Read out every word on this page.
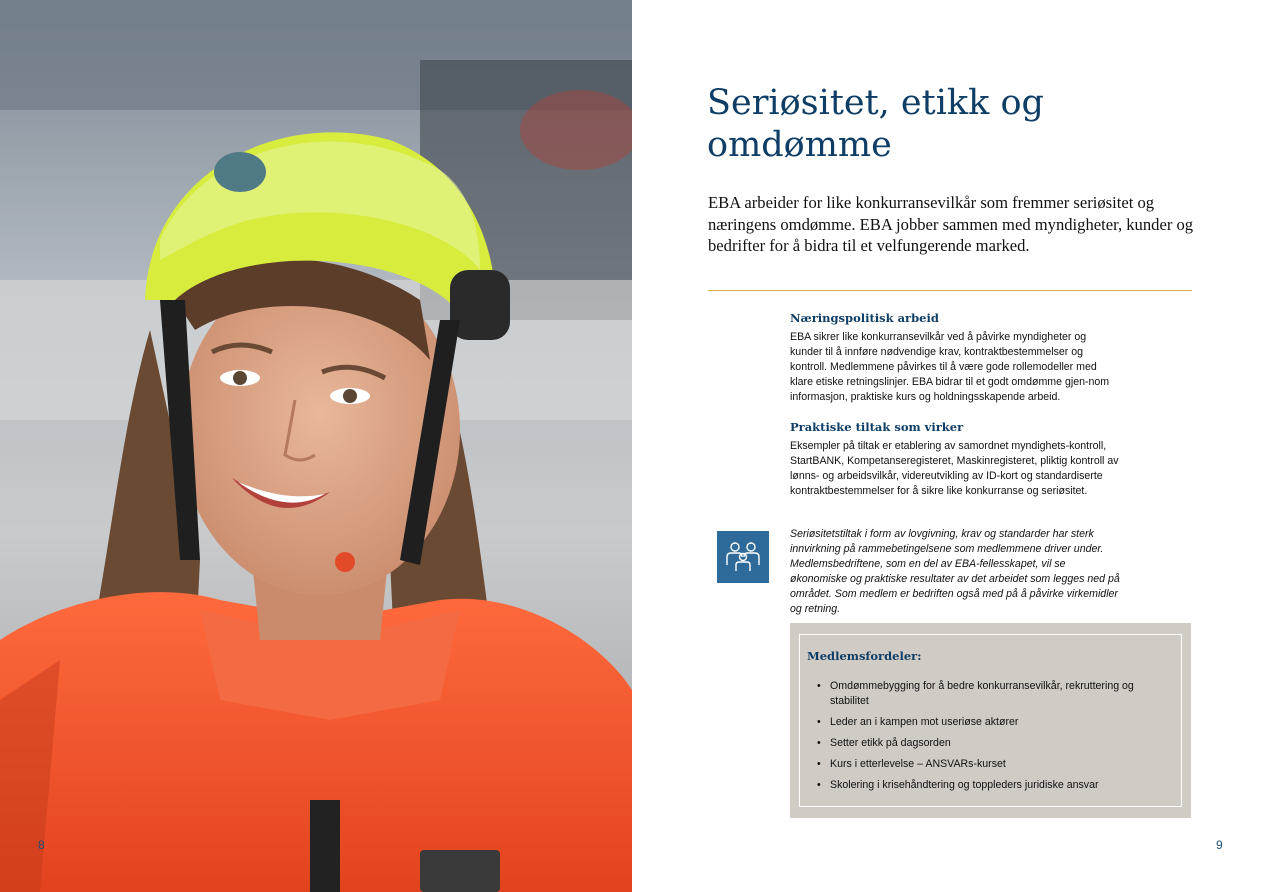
8
Seriøsitet, etikk og omdømme

EBA arbeider for like konkurransevilkår som fremmer seriøsitet og næringens omdømme. EBA jobber sammen med myndigheter, kunder og bedrifter for å bidra til et velfungerende marked.

Næringspolitisk arbeid

EBA sikrer like konkurransevilkår ved å påvirke myndigheter og kunder til å innføre nødvendige krav, kontraktbestemmelser og kontroll. Medlemmene påvirkes til å være gode rollemodeller med klare etiske retningslinjer. EBA bidrar til et godt omdømme gjen-nom informasjon, praktiske kurs og holdningsskapende arbeid.

Praktiske tiltak som virker

Eksempler på tiltak er etablering av samordnet myndighets-kontroll, StartBANK, Kompetanseregisteret, Maskinregisteret, pliktig kontroll av lønns- og arbeidsvilkår, videreutvikling av ID-kort og standardiserte kontraktbestemmelser for å sikre like konkurranse og seriøsitet.

Seriøsitetstiltak i form av lovgivning, krav og standarder har sterk innvirkning på rammebetingelsene som medlemmene driver under. Medlemsbedriftene, som en del av EBA-fellesskapet, vil se økonomiske og praktiske resultater av det arbeidet som legges ned på området. Som medlem er bedriften også med på å påvirke virkemidler og retning.

Medlemsfordeler:
• Omdømmebygging for å bedre konkurransevilkår, rekruttering og stabilitet
• Leder an i kampen mot useriøse aktører
• Setter etikk på dagsorden
• Kurs i etterlevelse – ANSVARs-kurset
• Skolering i krisehåndtering og toppleders juridiske ansvar
9
